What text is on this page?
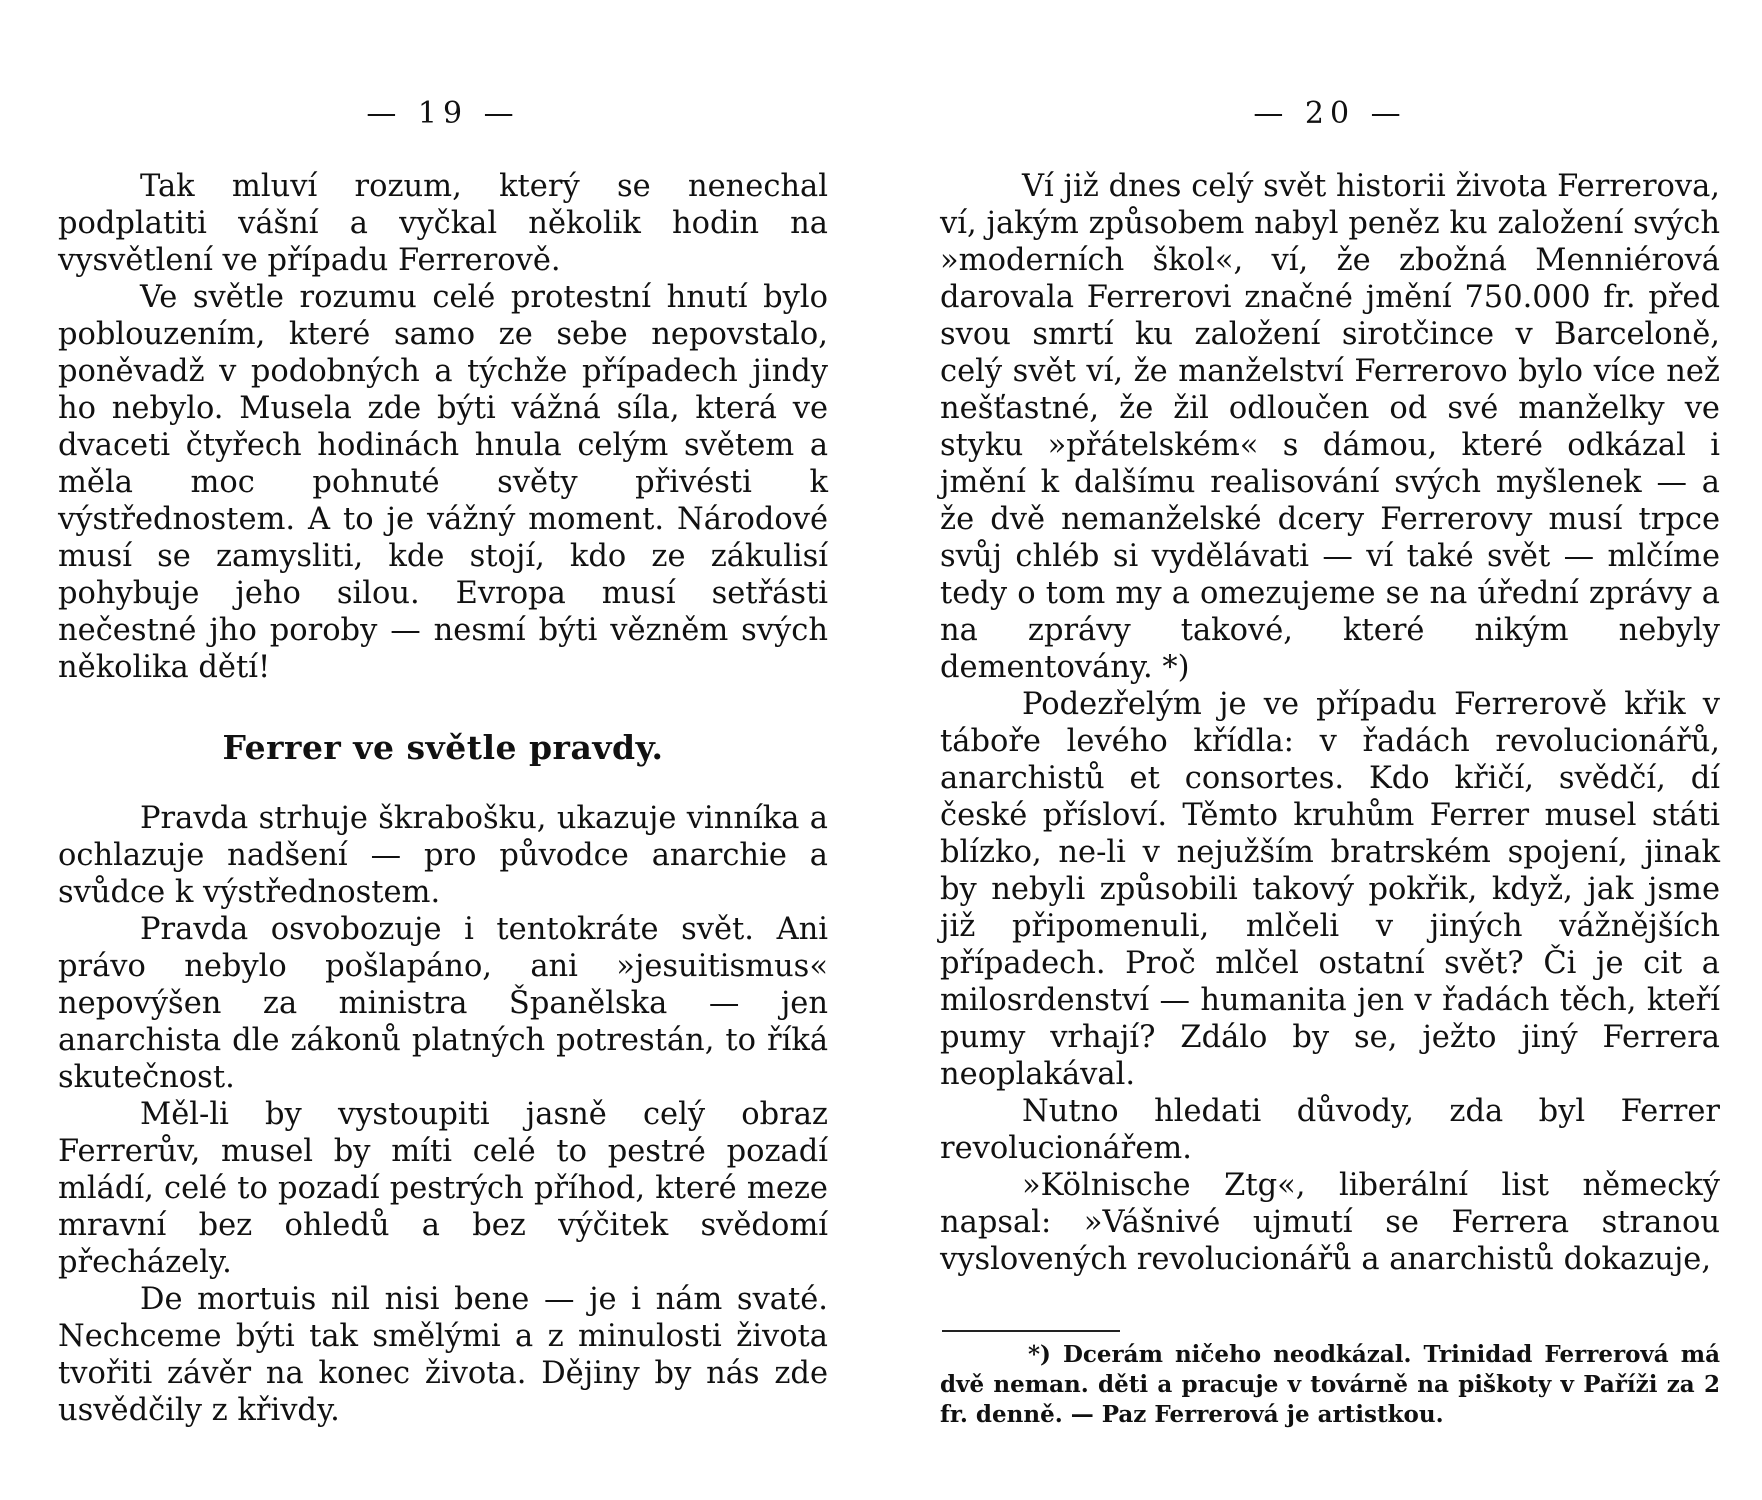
— 19 —

Tak mluví rozum, který se nenechal podplatiti vášní a vyčkal několik hodin na vysvětlení ve případu Ferrerově.

Ve světle rozumu celé protestní hnutí bylo poblouzením, které samo ze sebe nepovstalo, poněvadž v podobných a týchže případech jindy ho nebylo. Musela zde býti vážná síla, která ve dvaceti čtyřech hodinách hnula celým světem a měla moc pohnuté světy přivésti k výstřednostem. A to je vážný moment. Národové musí se zamysliti, kde stojí, kdo ze zákulisí pohybuje jeho silou. Evropa musí setřásti nečestné jho poroby — nesmí býti vězněm svých několika dětí!

Ferrer ve světle pravdy.

Pravda strhuje škrabošku, ukazuje vinníka a ochlazuje nadšení — pro původce anarchie a svůdce k výstřednostem.

Pravda osvobozuje i tentokráte svět. Ani právo nebylo pošlapáno, ani »jesuitismus« nepovýšen za ministra Španělska — jen anarchista dle zákonů platných potrestán, to říká skutečnost.

Měl-li by vystoupiti jasně celý obraz Ferrerův, musel by míti celé to pestré pozadí mládí, celé to pozadí pestrých příhod, které meze mravní bez ohledů a bez výčitek svědomí přecházely.

De mortuis nil nisi bene — je i nám svaté. Nechceme býti tak smělými a z minulosti života tvořiti závěr na konec života. Dějiny by nás zde usvědčily z křivdy.

— 20 —

Ví již dnes celý svět historii života Ferrerova, ví, jakým způsobem nabyl peněz ku založení svých »moderních škol«, ví, že zbožná Menniérová darovala Ferrerovi značné jmění 750.000 fr. před svou smrtí ku založení sirotčince v Barceloně, celý svět ví, že manželství Ferrerovo bylo více než nešťastné, že žil odloučen od své manželky ve styku »přátelském« s dámou, které odkázal i jmění k dalšímu realisování svých myšlenek — a že dvě nemanželské dcery Ferrerovy musí trpce svůj chléb si vydělávati — ví také svět — mlčíme tedy o tom my a omezujeme se na úřední zprávy a na zprávy takové, které nikým nebyly dementovány. *)

Podezřelým je ve případu Ferrerově křik v táboře levého křídla: v řadách revolucionářů, anarchistů et consortes. Kdo křičí, svědčí, dí české přísloví. Těmto kruhům Ferrer musel státi blízko, ne-li v nejužším bratrském spojení, jinak by nebyli způsobili takový pokřik, když, jak jsme již připomenuli, mlčeli v jiných vážnějších případech. Proč mlčel ostatní svět? Či je cit a milosrdenství — humanita jen v řadách těch, kteří pumy vrhají? Zdálo by se, ježto jiný Ferrera neoplakával.

Nutno hledati důvody, zda byl Ferrer revolucionářem.

»Kölnische Ztg«, liberální list německý napsal: »Vášnivé ujmutí se Ferrera stranou vyslovených revolucionářů a anarchistů dokazuje,

*) Dcerám ničeho neodkázal. Trinidad Ferrerová má dvě neman. děti a pracuje v továrně na piškoty v Paříži za 2 fr. denně. — Paz Ferrerová je artistkou.
